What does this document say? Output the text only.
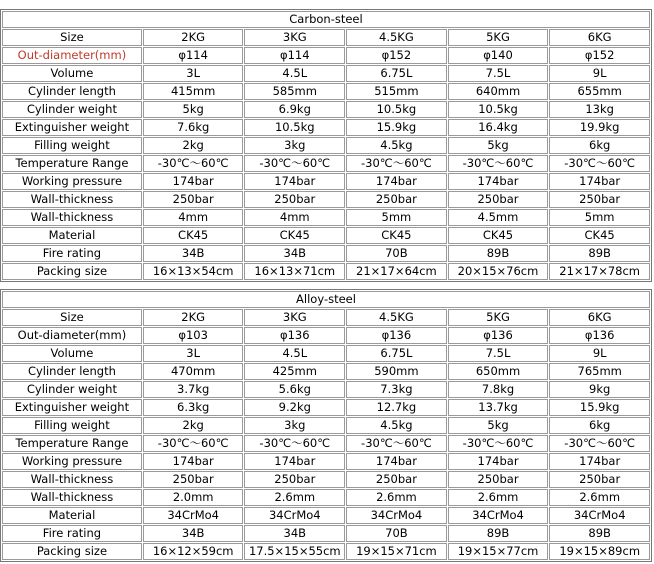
Carbon-steel					
Size	2KG	3KG	4.5KG	5KG	6KG
Out-diameter(mm)	φ114	φ114	φ152	φ140	φ152
Volume	3L	4.5L	6.75L	7.5L	9L
Cylinder length	415mm	585mm	515mm	640mm	655mm
Cylinder weight	5kg	6.9kg	10.5kg	10.5kg	13kg
Extinguisher weight	7.6kg	10.5kg	15.9kg	16.4kg	19.9kg
Filling weight	2kg	3kg	4.5kg	5kg	6kg
Temperature Range	-30℃～60℃	-30℃～60℃	-30℃～60℃	-30℃～60℃	-30℃～60℃
Working pressure	174bar	174bar	174bar	174bar	174bar
Wall-thickness	250bar	250bar	250bar	250bar	250bar
Wall-thickness	4mm	4mm	5mm	4.5mm	5mm
Material	CK45	CK45	CK45	CK45	CK45
Fire rating	34B	34B	70B	89B	89B
Packing size	16×13×54cm	16×13×71cm	21×17×64cm	20×15×76cm	21×17×78cm
Alloy-steel					
Size	2KG	3KG	4.5KG	5KG	6KG
Out-diameter(mm)	φ103	φ136	φ136	φ136	φ136
Volume	3L	4.5L	6.75L	7.5L	9L
Cylinder length	470mm	425mm	590mm	650mm	765mm
Cylinder weight	3.7kg	5.6kg	7.3kg	7.8kg	9kg
Extinguisher weight	6.3kg	9.2kg	12.7kg	13.7kg	15.9kg
Filling weight	2kg	3kg	4.5kg	5kg	6kg
Temperature Range	-30℃～60℃	-30℃～60℃	-30℃～60℃	-30℃～60℃	-30℃～60℃
Working pressure	174bar	174bar	174bar	174bar	174bar
Wall-thickness	250bar	250bar	250bar	250bar	250bar
Wall-thickness	2.0mm	2.6mm	2.6mm	2.6mm	2.6mm
Material	34CrMo4	34CrMo4	34CrMo4	34CrMo4	34CrMo4
Fire rating	34B	34B	70B	89B	89B
Packing size	16×12×59cm	17.5×15×55cm	19×15×71cm	19×15×77cm	19×15×89cm
